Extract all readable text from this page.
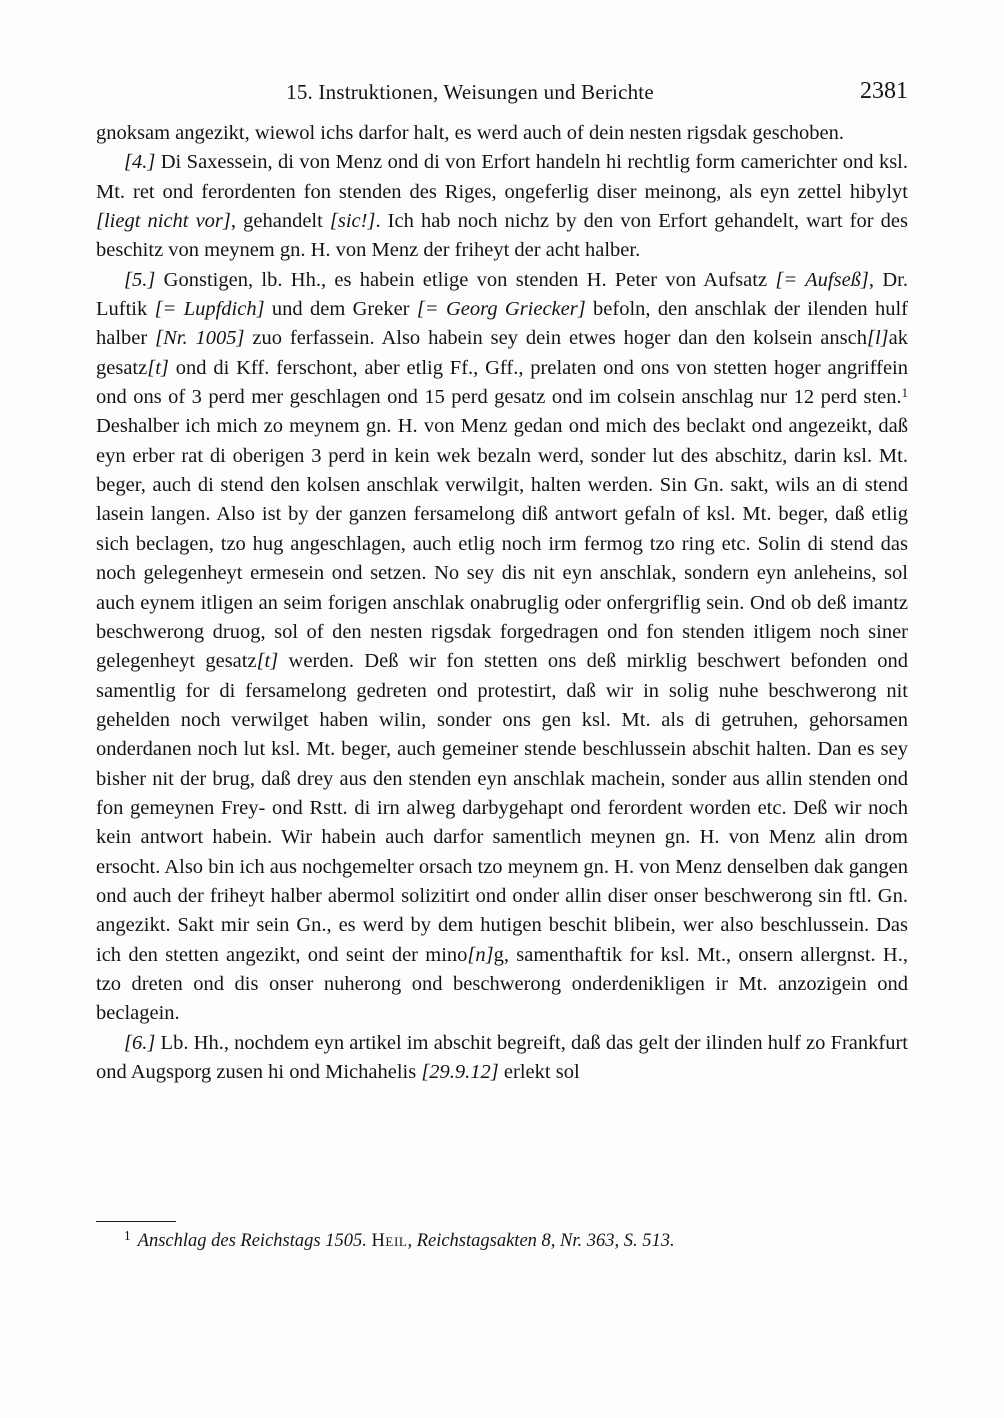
15. Instruktionen, Weisungen und Berichte	2381

gnoksam angezikt, wiewol ichs darfor halt, es werd auch of dein nesten rigsdak geschoben.

[4.] Di Saxessein, di von Menz ond di von Erfort handeln hi rechtlig form camerichter ond ksl. Mt. ret ond ferordenten fon stenden des Riges, ongeferlig diser meinong, als eyn zettel hibylyt [liegt nicht vor], gehandelt [sic!]. Ich hab noch nichz by den von Erfort gehandelt, wart for des beschitz von meynem gn. H. von Menz der friheyt der acht halber.

[5.] Gonstigen, lb. Hh., es habein etlige von stenden H. Peter von Aufsatz [= Aufseß], Dr. Luftik [= Lupfdich] und dem Greker [= Georg Griecker] befoln, den anschlak der ilenden hulf halber [Nr. 1005] zuo ferfassein. Also habein sey dein etwes hoger dan den kolsein ansch[l]ak gesatz[t] ond di Kff. ferschont, aber etlig Ff., Gff., prelaten ond ons von stetten hoger angriffein ond ons of 3 perd mer geschlagen ond 15 perd gesatz ond im colsein anschlag nur 12 perd sten.$^1$ Deshalber ich mich zo meynem gn. H. von Menz gedan ond mich des beclakt ond angezeikt, daß eyn erber rat di oberigen 3 perd in kein wek bezaln werd, sonder lut des abschitz, darin ksl. Mt. beger, auch di stend den kolsen anschlak verwilgit, halten werden. Sin Gn. sakt, wils an di stend lasein langen. Also ist by der ganzen fersamelong diß antwort gefaln of ksl. Mt. beger, daß etlig sich beclagen, tzo hug angeschlagen, auch etlig noch irm fermog tzo ring etc. Solin di stend das noch gelegenheyt ermesein ond setzen. No sey dis nit eyn anschlak, sondern eyn anleheins, sol auch eynem itligen an seim forigen anschlak onabruglig oder onfergriflig sein. Ond ob deß imantz beschwerong druog, sol of den nesten rigsdak forgedragen ond fon stenden itligem noch siner gelegenheyt gesatz[t] werden. Deß wir fon stetten ons deß mirklig beschwert befonden ond samentlig for di fersamelong gedreten ond protestirt, daß wir in solig nuhe beschwerong nit gehelden noch verwilget haben wilin, sonder ons gen ksl. Mt. als di getruhen, gehorsamen onderdanen noch lut ksl. Mt. beger, auch gemeiner stende beschlussein abschit halten. Dan es sey bisher nit der brug, daß drey aus den stenden eyn anschlak machein, sonder aus allin stenden ond fon gemeynen Frey- ond Rstt. di irn alweg darbygehapt ond ferordent worden etc. Deß wir noch kein antwort habein. Wir habein auch darfor samentlich meynen gn. H. von Menz alin drom ersocht. Also bin ich aus nochgemelter orsach tzo meynem gn. H. von Menz denselben dak gangen ond auch der friheyt halber abermol solizitirt ond onder allin diser onser beschwerong sin ftl. Gn. angezikt. Sakt mir sein Gn., es werd by dem hutigen beschit blibein, wer also beschlussein. Das ich den stetten angezikt, ond seint der mino[n]g, samenthaftik for ksl. Mt., onsern allergnst. H., tzo dreten ond dis onser nuherong ond beschwerong onderdenikligen ir Mt. anzozigein ond beclagein.

[6.] Lb. Hh., nochdem eyn artikel im abschit begreift, daß das gelt der ilinden hulf zo Frankfurt ond Augsporg zusen hi ond Michahelis [29.9.12] erlekt sol

$^1$ Anschlag des Reichstags 1505. Heil, Reichstagsakten 8, Nr. 363, S. 513.
